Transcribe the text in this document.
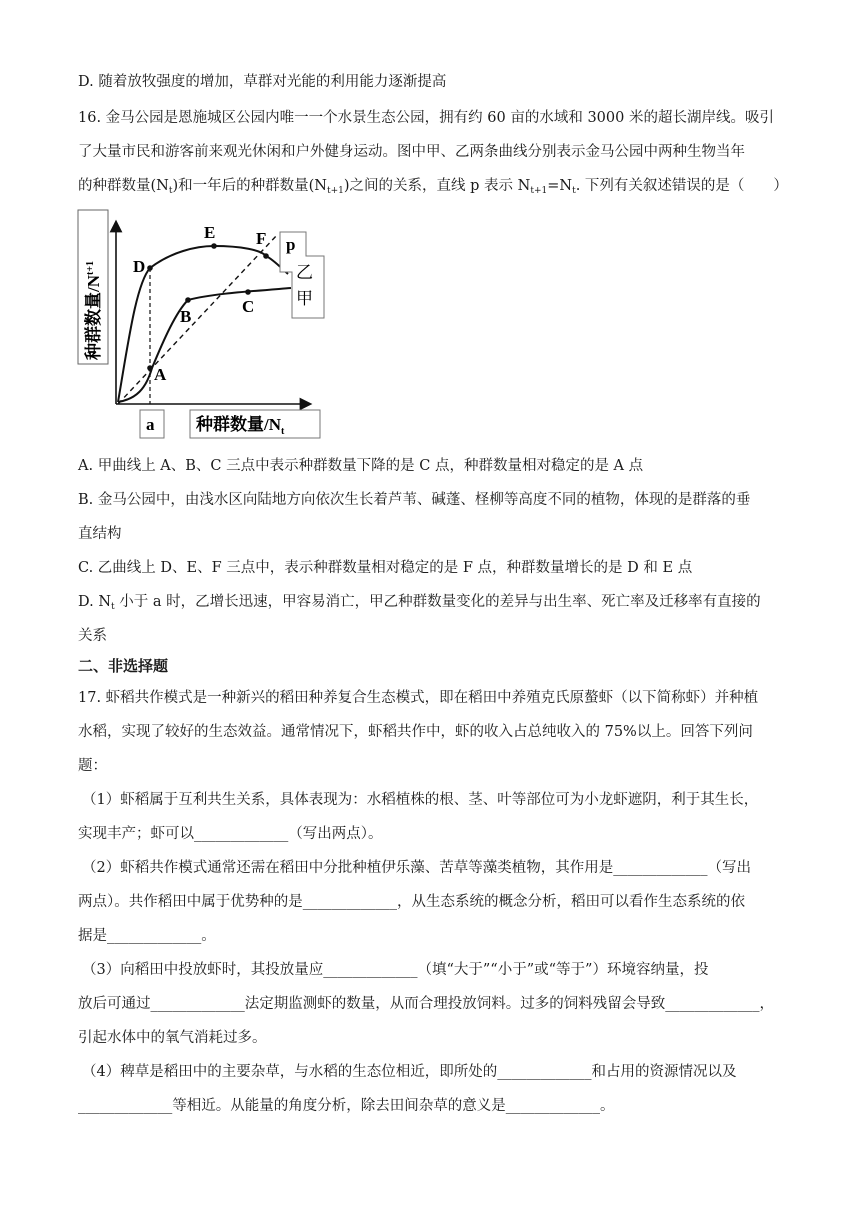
D. 随着放牧强度的增加，草群对光能的利用能力逐渐提高
16. 金马公园是恩施城区公园内唯一一个水景生态公园，拥有约 60 亩的水域和 3000 米的超长湖岸线。吸引
了大量市民和游客前来观光休闲和户外健身运动。图中甲、乙两条曲线分别表示金马公园中两种生物当年
的种群数量$(N_t)$和一年后的种群数量$(N_{t+1})$之间的关系，直线 p 表示 $N_{t+1}=N_t$. 下列有关叙述错误的是（　　）
种群数量$/N^{t+1}$	D
E F
A
B
C
p
乙
甲
a 种群数量$/N_t$
A. 甲曲线上 A、B、C 三点中表示种群数量下降的是 C 点，种群数量相对稳定的是 A 点
B. 金马公园中，由浅水区向陆地方向依次生长着芦苇、碱蓬、柽柳等高度不同的植物，体现的是群落的垂
直结构
C. 乙曲线上 D、E、F 三点中，表示种群数量相对稳定的是 F 点，种群数量增长的是 D 和 E 点
D. $N_t$ 小于 a 时，乙增长迅速，甲容易消亡，甲乙种群数量变化的差异与出生率、死亡率及迁移率有直接的
关系
二、非选择题
17. 虾稻共作模式是一种新兴的稻田种养复合生态模式，即在稻田中养殖克氏原螯虾（以下简称虾）并种植
水稻，实现了较好的生态效益。通常情况下，虾稻共作中，虾的收入占总纯收入的 75%以上。回答下列问
题：
（1）虾稻属于互利共生关系，具体表现为：水稻植株的根、茎、叶等部位可为小龙虾遮阴，利于其生长，
实现丰产；虾可以_____________（写出两点）。
（2）虾稻共作模式通常还需在稻田中分批种植伊乐藻、苦草等藻类植物，其作用是_____________（写出
两点）。共作稻田中属于优势种的是_____________，从生态系统的概念分析，稻田可以看作生态系统的依
据是_____________。
（3）向稻田中投放虾时，其投放量应_____________（填“大于”“小于”或“等于”）环境容纳量，投
放后可通过_____________法定期监测虾的数量，从而合理投放饲料。过多的饲料残留会导致_____________，
引起水体中的氧气消耗过多。
（4）稗草是稻田中的主要杂草，与水稻的生态位相近，即所处的_____________和占用的资源情况以及
_____________等相近。从能量的角度分析，除去田间杂草的意义是_____________。
